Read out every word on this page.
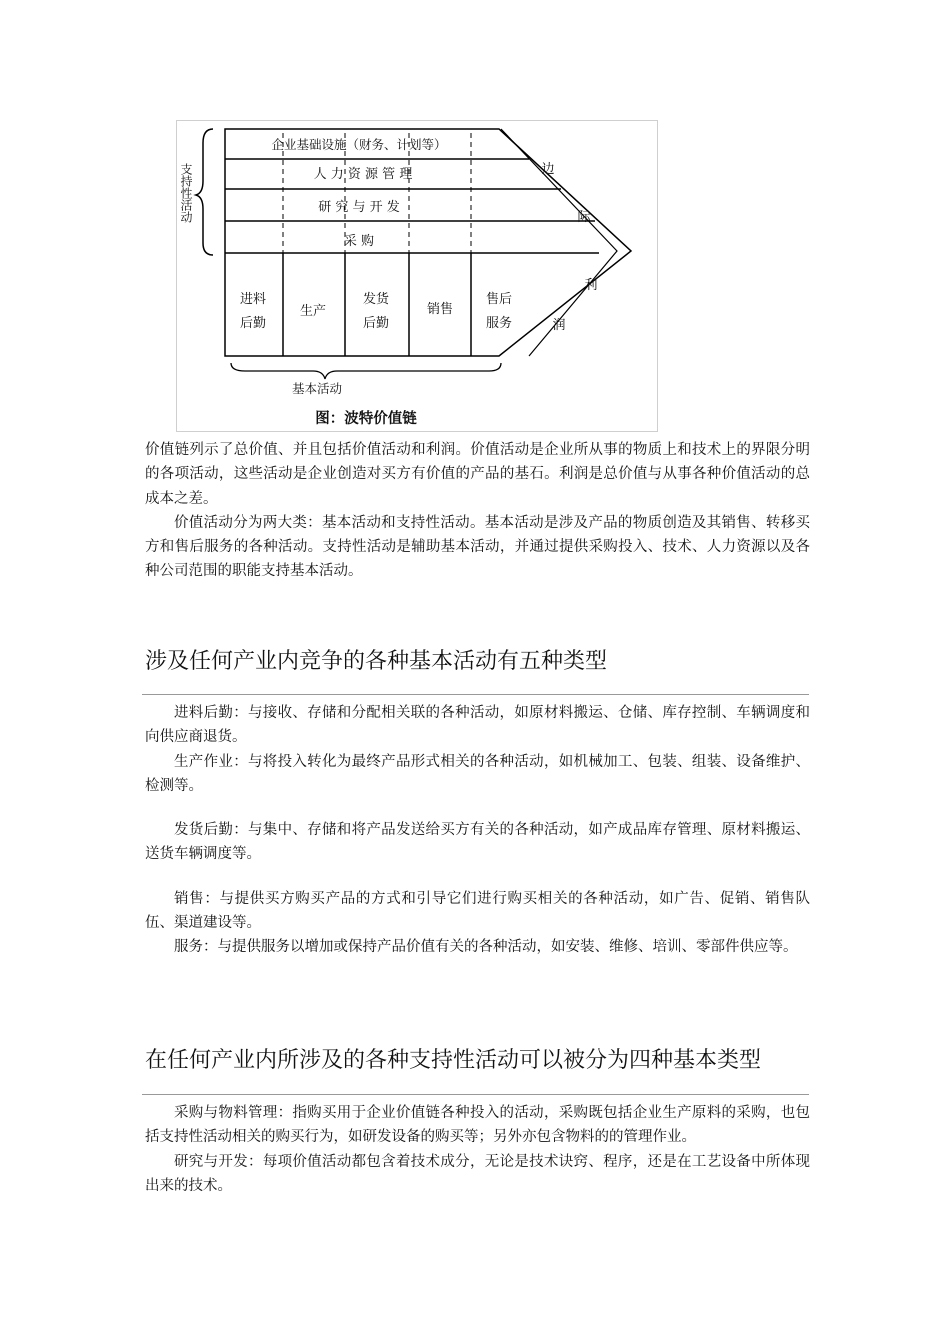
支持性活动
企业基础设施（财务、计划等）
人 力 资 源 管 理
研 究 与 开 发
采 购
进料
后勤
生产
发货
后勤
销售
售后
服务
边
际
利
润
基本活动
图：波特价值链

价值链列示了总价值、并且包括价值活动和利润。价值活动是企业所从事的物质上和技术上的界限分明的各项活动，这些活动是企业创造对买方有价值的产品的基石。利润是总价值与从事各种价值活动的总成本之差。

价值活动分为两大类：基本活动和支持性活动。基本活动是涉及产品的物质创造及其销售、转移买方和售后服务的各种活动。支持性活动是辅助基本活动，并通过提供采购投入、技术、人力资源以及各种公司范围的职能支持基本活动。

涉及任何产业内竞争的各种基本活动有五种类型

进料后勤：与接收、存储和分配相关联的各种活动，如原材料搬运、仓储、库存控制、车辆调度和向供应商退货。

生产作业：与将投入转化为最终产品形式相关的各种活动，如机械加工、包装、组装、设备维护、检测等。

发货后勤：与集中、存储和将产品发送给买方有关的各种活动，如产成品库存管理、原材料搬运、送货车辆调度等。

销售：与提供买方购买产品的方式和引导它们进行购买相关的各种活动，如广告、促销、销售队伍、渠道建设等。

服务：与提供服务以增加或保持产品价值有关的各种活动，如安装、维修、培训、零部件供应等。

在任何产业内所涉及的各种支持性活动可以被分为四种基本类型

采购与物料管理：指购买用于企业价值链各种投入的活动，采购既包括企业生产原料的采购，也包括支持性活动相关的购买行为，如研发设备的购买等；另外亦包含物料的的管理作业。

研究与开发：每项价值活动都包含着技术成分，无论是技术诀窍、程序，还是在工艺设备中所体现出来的技术。
